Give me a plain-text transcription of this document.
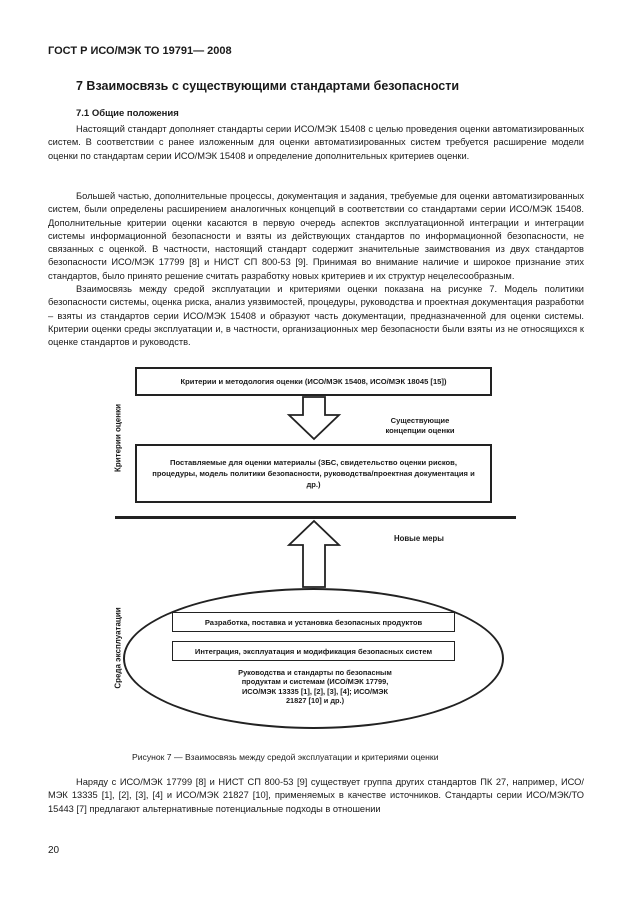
ГОСТ Р ИСО/МЭК ТО 19791— 2008
7 Взаимосвязь с существующими стандартами безопасности
7.1 Общие положения

Настоящий стандарт дополняет стандарты серии ИСО/МЭК 15408 с целью проведения оценки автоматизированных систем. В соответствии с ранее изложенным для оценки автоматизированных систем требуется расширение модели оценки по стандартам серии ИСО/МЭК 15408 и определение дополнительных критериев оценки.

Большей частью, дополнительные процессы, документация и задания, требуемые для оценки автоматизированных систем, были определены расширением аналогичных концепций в соответствии со стандартами серии ИСО/МЭК 15408. Дополнительные критерии оценки касаются в первую очередь аспектов эксплуатационной интеграции и интеграции системы информационной безопасности и взяты из действующих стандартов по информационной безопасности, не связанных с оценкой. В частности, настоящий стандарт содержит значительные заимствования из двух стандартов безопасности ИСО/МЭК 17799 [8] и НИСТ СП 800-53 [9]. Принимая во внимание наличие и широкое признание этих стандартов, было принято решение считать разработку новых критериев и их структур нецелесообразным.

Взаимосвязь между средой эксплуатации и критериями оценки показана на рисунке 7. Модель политики безопасности системы, оценка риска, анализ уязвимостей, процедуры, руководства и проектная документация разработки – взяты из стандартов серии ИСО/МЭК 15408 и образуют часть документации, предназначенной для оценки системы. Критерии оценки среды эксплуатации и, в частности, организационных мер безопасности были взяты из не относящихся к оценке стандартов и руководств.

Критерии и методология оценки (ИСО/МЭК 15408, ИСО/МЭК 18045 [15])
Существующие концепции оценки
Поставляемые для оценки материалы (ЗБС, свидетельство оценки рисков, процедуры, модель политики безопасности, руководства/проектная документация и др.)
Критерии оценки
Новые меры
Разработка, поставка и установка безопасных продуктов
Интеграция, эксплуатация и модификация безопасных систем
Руководства и стандарты по безопасным продуктам и системам (ИСО/МЭК 17799, ИСО/МЭК 13335 [1], [2], [3], [4]; ИСО/МЭК 21827 [10] и др.)
Среда эксплуатации
Рисунок 7 — Взаимосвязь между средой эксплуатации и критериями оценки

Наряду с ИСО/МЭК 17799 [8] и НИСТ СП 800-53 [9] существует группа других стандартов ПК 27, например, ИСО/МЭК 13335 [1], [2], [3], [4] и ИСО/МЭК 21827 [10], применяемых в качестве источников. Стандарты серии ИСО/МЭК/ТО 15443 [7] предлагают альтернативные потенциальные подходы в отношении

20
